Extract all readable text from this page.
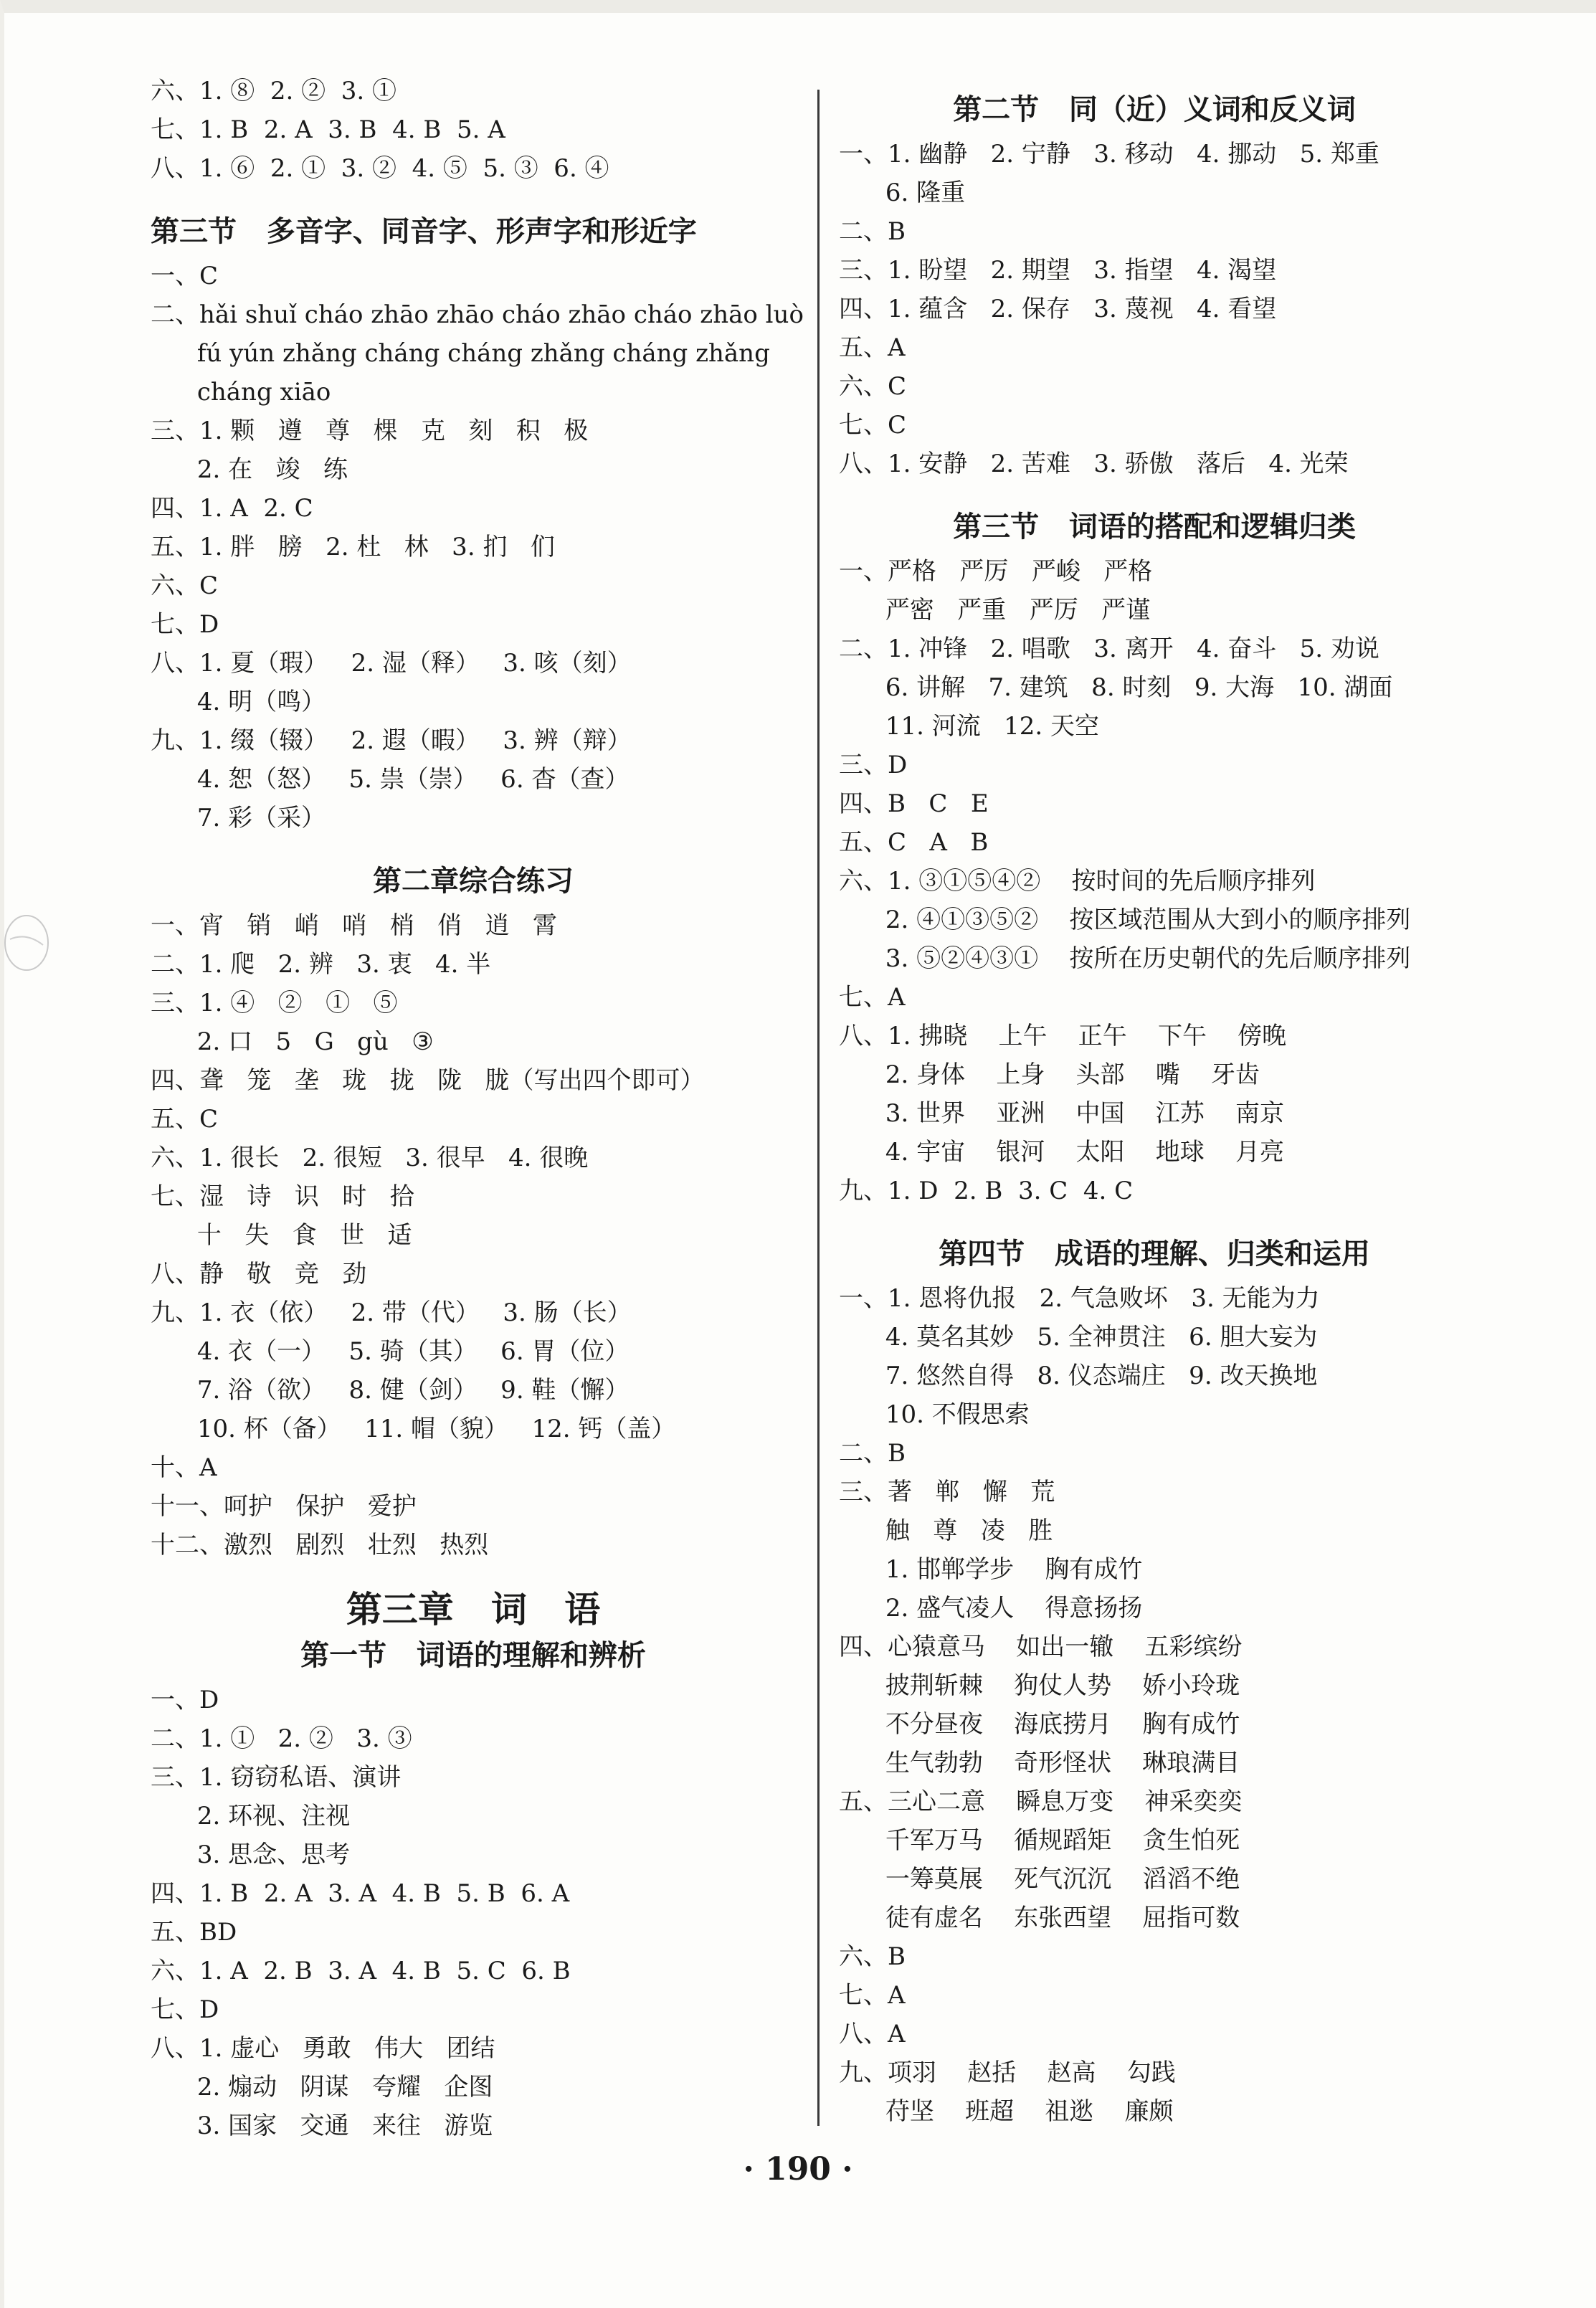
六、1. ⑧  2. ②  3. ①
七、1. B  2. A  3. B  4. B  5. A
八、1. ⑥  2. ①  3. ②  4. ⑤  5. ③  6. ④
第三节   多音字、同音字、形声字和形近字
一、C
二、hǎi shuǐ cháo zhāo zhāo cháo zhāo cháo zhāo luò
fú yún zhǎng cháng cháng zhǎng cháng zhǎng
cháng xiāo
三、1. 颗   遵   尊   棵   克   刻   积   极
2. 在   竣   练
四、1. A  2. C
五、1. 胖   膀   2. 杜   林   3. 扪   们
六、C
七、D
八、1. 夏（瑕）   2. 湿（释）   3. 咳（刻）
4. 明（鸣）
九、1. 缀（辍）   2. 遐（暇）   3. 辨（辩）
4. 恕（怒）   5. 祟（崇）   6. 杳（查）
7. 彩（采）
第二章综合练习
一、宵   销   峭   哨   梢   俏   逍   霄
二、1. 爬   2. 辨   3. 衷   4. 半
三、1. ④   ②   ①   ⑤
2. 口   5   G   gù   ③
四、聋   笼   垄   珑   拢   陇   胧（写出四个即可）
五、C
六、1. 很长   2. 很短   3. 很早   4. 很晚
七、湿   诗   识   时   拾
十   失   食   世   适
八、静   敬   竞   劲
九、1. 衣（依）   2. 带（代）   3. 肠（长）
4. 衣（一）   5. 骑（其）   6. 胃（位）
7. 浴（欲）   8. 健（剑）   9. 鞋（懈）
10. 杯（备）   11. 帽（貌）   12. 钙（盖）
十、A
十一、呵护   保护   爱护
十二、激烈   剧烈   壮烈   热烈
第三章   词   语
第一节   词语的理解和辨析
一、D
二、1. ①   2. ②   3. ③
三、1. 窃窃私语、演讲
2. 环视、注视
3. 思念、思考
四、1. B  2. A  3. A  4. B  5. B  6. A
五、BD
六、1. A  2. B  3. A  4. B  5. C  6. B
七、D
八、1. 虚心   勇敢   伟大   团结
2. 煽动   阴谋   夸耀   企图
3. 国家   交通   来往   游览
第二节   同（近）义词和反义词
一、1. 幽静   2. 宁静   3. 移动   4. 挪动   5. 郑重
6. 隆重
二、B
三、1. 盼望   2. 期望   3. 指望   4. 渴望
四、1. 蕴含   2. 保存   3. 蔑视   4. 看望
五、A
六、C
七、C
八、1. 安静   2. 苦难   3. 骄傲   落后   4. 光荣
第三节   词语的搭配和逻辑归类
一、严格   严厉   严峻   严格
严密   严重   严厉   严谨
二、1. 冲锋   2. 唱歌   3. 离开   4. 奋斗   5. 劝说
6. 讲解   7. 建筑   8. 时刻   9. 大海   10. 湖面
11. 河流   12. 天空
三、D
四、B   C   E
五、C   A   B
六、1. ③①⑤④②    按时间的先后顺序排列
2. ④①③⑤②    按区域范围从大到小的顺序排列
3. ⑤②④③①    按所在历史朝代的先后顺序排列
七、A
八、1. 拂晓    上午    正午    下午    傍晚
2. 身体    上身    头部    嘴    牙齿
3. 世界    亚洲    中国    江苏    南京
4. 宇宙    银河    太阳    地球    月亮
九、1. D  2. B  3. C  4. C
第四节   成语的理解、归类和运用
一、1. 恩将仇报   2. 气急败坏   3. 无能为力
4. 莫名其妙   5. 全神贯注   6. 胆大妄为
7. 悠然自得   8. 仪态端庄   9. 改天换地
10. 不假思索
二、B
三、著   郸   懈   荒
触   尊   凌   胜
1. 邯郸学步    胸有成竹
2. 盛气凌人    得意扬扬
四、心猿意马    如出一辙    五彩缤纷
披荆斩棘    狗仗人势    娇小玲珑
不分昼夜    海底捞月    胸有成竹
生气勃勃    奇形怪状    琳琅满目
五、三心二意    瞬息万变    神采奕奕
千军万马    循规蹈矩    贪生怕死
一筹莫展    死气沉沉    滔滔不绝
徒有虚名    东张西望    屈指可数
六、B
七、A
八、A
九、项羽    赵括    赵高    勾践
苻坚    班超    祖逖    廉颇
· 190 ·
